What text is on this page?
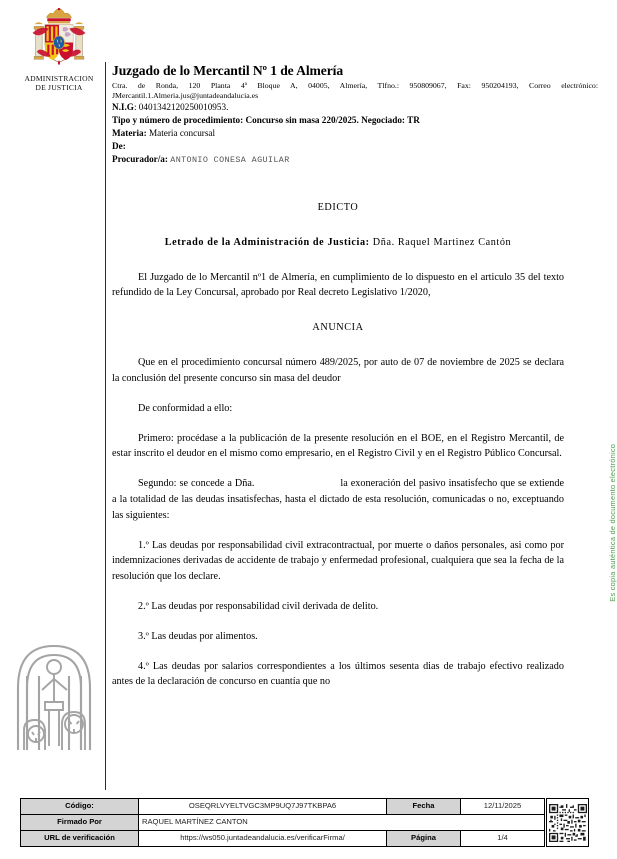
ADMINISTRACION
DE JUSTICIA
Juzgado de lo Mercantil Nº 1 de Almería
Ctra. de Ronda, 120 Planta 4ª Bloque A, 04005, Almería, Tlfno.: 950809067, Fax: 950204193, Correo electrónico: JMercantil.1.Almeria.jus@juntadeandalucia.es
N.I.G: 0401342120250010953.
Tipo y número de procedimiento: Concurso sin masa 220/2025. Negociado: TR
Materia: Materia concursal
De:
Procurador/a: ANTONIO CONESA AGUILAR
EDICTO
Letrado de la Administración de Justicia: Dña. Raquel Martinez Cantón

El Juzgado de lo Mercantil nº1 de Almería, en cumplimiento de lo dispuesto en el articulo 35 del texto refundido de la Ley Concursal, aprobado por Real decreto Legislativo 1/2020,

ANUNCIA

Que en el procedimiento concursal número 489/2025, por auto de 07 de noviembre de 2025 se declara la conclusión del presente concurso sin masa del deudor

De conformidad a ello:

Primero: procédase a la publicación de la presente resolución en el BOE, en el Registro Mercantil, de estar inscrito el deudor en el mismo como empresario, en el Registro Civil y en el Registro Público Concursal.

Segundo: se concede a Dña.	la exoneración del pasivo insatisfecho que se extiende a la totalidad de las deudas insatisfechas, hasta el dictado de esta resolución, comunicadas o no, exceptuando las siguientes:

1.º Las deudas por responsabilidad civil extracontractual, por muerte o daños personales, asi como por indemnizaciones derivadas de accidente de trabajo y enfermedad profesional, cualquiera que sea la fecha de la resolución que los declare.

2.º Las deudas por responsabilidad civil derivada de delito.

3.º Las deudas por alimentos.

4.º Las deudas por salarios correspondientes a los últimos sesenta dias de trabajo efectivo realizado antes de la declaración de concurso en cuantía que no

Es copia auténtica de documento electrónico
Código:	OSEQRLVYELTVGC3MP9UQ7J97TKBPA6	Fecha	12/11/2025
Firmado Por	RAQUEL MARTÍNEZ CANTON		
URL de verificación	https://ws050.juntadeandalucia.es/verificarFirma/	Página	1/4
